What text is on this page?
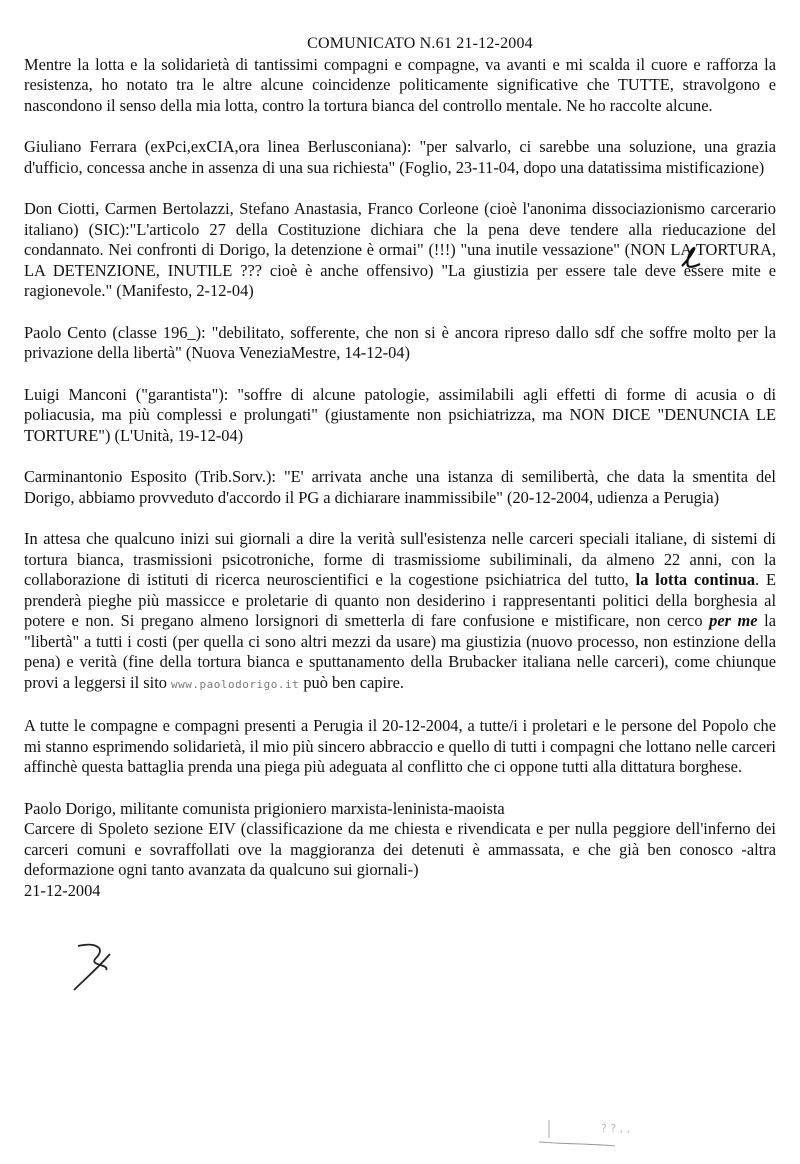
COMUNICATO N.61 21-12-2004

Mentre la lotta e la solidarietà di tantissimi compagni e compagne, va avanti e mi scalda il cuore e rafforza la resistenza, ho notato tra le altre alcune coincidenze politicamente significative che TUTTE, stravolgono e nascondono il senso della mia lotta, contro la tortura bianca del controllo mentale. Ne ho raccolte alcune.

Giuliano Ferrara (exPci,exCIA,ora linea Berlusconiana): "per salvarlo, ci sarebbe una soluzione, una grazia d'ufficio, concessa anche in assenza di una sua richiesta" (Foglio, 23-11-04, dopo una datatissima mistificazione)

Don Ciotti, Carmen Bertolazzi, Stefano Anastasia, Franco Corleone (cioè l'anonima dissociazionismo carcerario italiano) (SIC):"L'articolo 27 della Costituzione dichiara che la pena deve tendere alla rieducazione del condannato. Nei confronti di Dorigo, la detenzione è ormai" (!!!) "una inutile vessazione" (NON LA TORTURA, LA DETENZIONE, INUTILE ??? cioè è anche offensivo) "La giustizia per essere tale deve essere mite e ragionevole." (Manifesto, 2-12-04)

Paolo Cento (classe 196_): "debilitato, sofferente, che non si è ancora ripreso dallo sdf che soffre molto per la privazione della libertà" (Nuova VeneziaMestre, 14-12-04)

Luigi Manconi ("garantista"): "soffre di alcune patologie, assimilabili agli effetti di forme di acusia o di poliacusia, ma più complessi e prolungati" (giustamente non psichiatrizza, ma NON DICE "DENUNCIA LE TORTURE") (L'Unità, 19-12-04)

Carminantonio Esposito (Trib.Sorv.): "E' arrivata anche una istanza di semilibertà, che data la smentita del Dorigo, abbiamo provveduto d'accordo il PG a dichiarare inammissibile" (20-12-2004, udienza a Perugia)

In attesa che qualcuno inizi sui giornali a dire la verità sull'esistenza nelle carceri speciali italiane, di sistemi di tortura bianca, trasmissioni psicotroniche, forme di trasmissiome subiliminali, da almeno 22 anni, con la collaborazione di istituti di ricerca neuroscientifici e la cogestione psichiatrica del tutto, la lotta continua. E prenderà pieghe più massicce e proletarie di quanto non desiderino i rappresentanti politici della borghesia al potere e non. Si pregano almeno lorsignori di smetterla di fare confusione e mistificare, non cerco per me la "libertà" a tutti i costi (per quella ci sono altri mezzi da usare) ma giustizia (nuovo processo, non estinzione della pena) e verità (fine della tortura bianca e sputtanamento della Brubacker italiana nelle carceri), come chiunque provi a leggersi il sito www.paolodorigo.it può ben capire.

A tutte le compagne e compagni presenti a Perugia il 20-12-2004, a tutte/i i proletari e le persone del Popolo che mi stanno esprimendo solidarietà, il mio più sincero abbraccio e quello di tutti i compagni che lottano nelle carceri affinchè questa battaglia prenda una piega più adeguata al conflitto che ci oppone tutti alla dittatura borghese.

Paolo Dorigo, militante comunista prigioniero marxista-leninista-maoista

Carcere di Spoleto sezione EIV (classificazione da me chiesta e rivendicata e per nulla peggiore dell'inferno dei carceri comuni e sovraffollati ove la maggioranza dei detenuti è ammassata, e che già ben conosco -altra deformazione ogni tanto avanzata da qualcuno sui giornali-)

21-12-2004

? ? , ,
